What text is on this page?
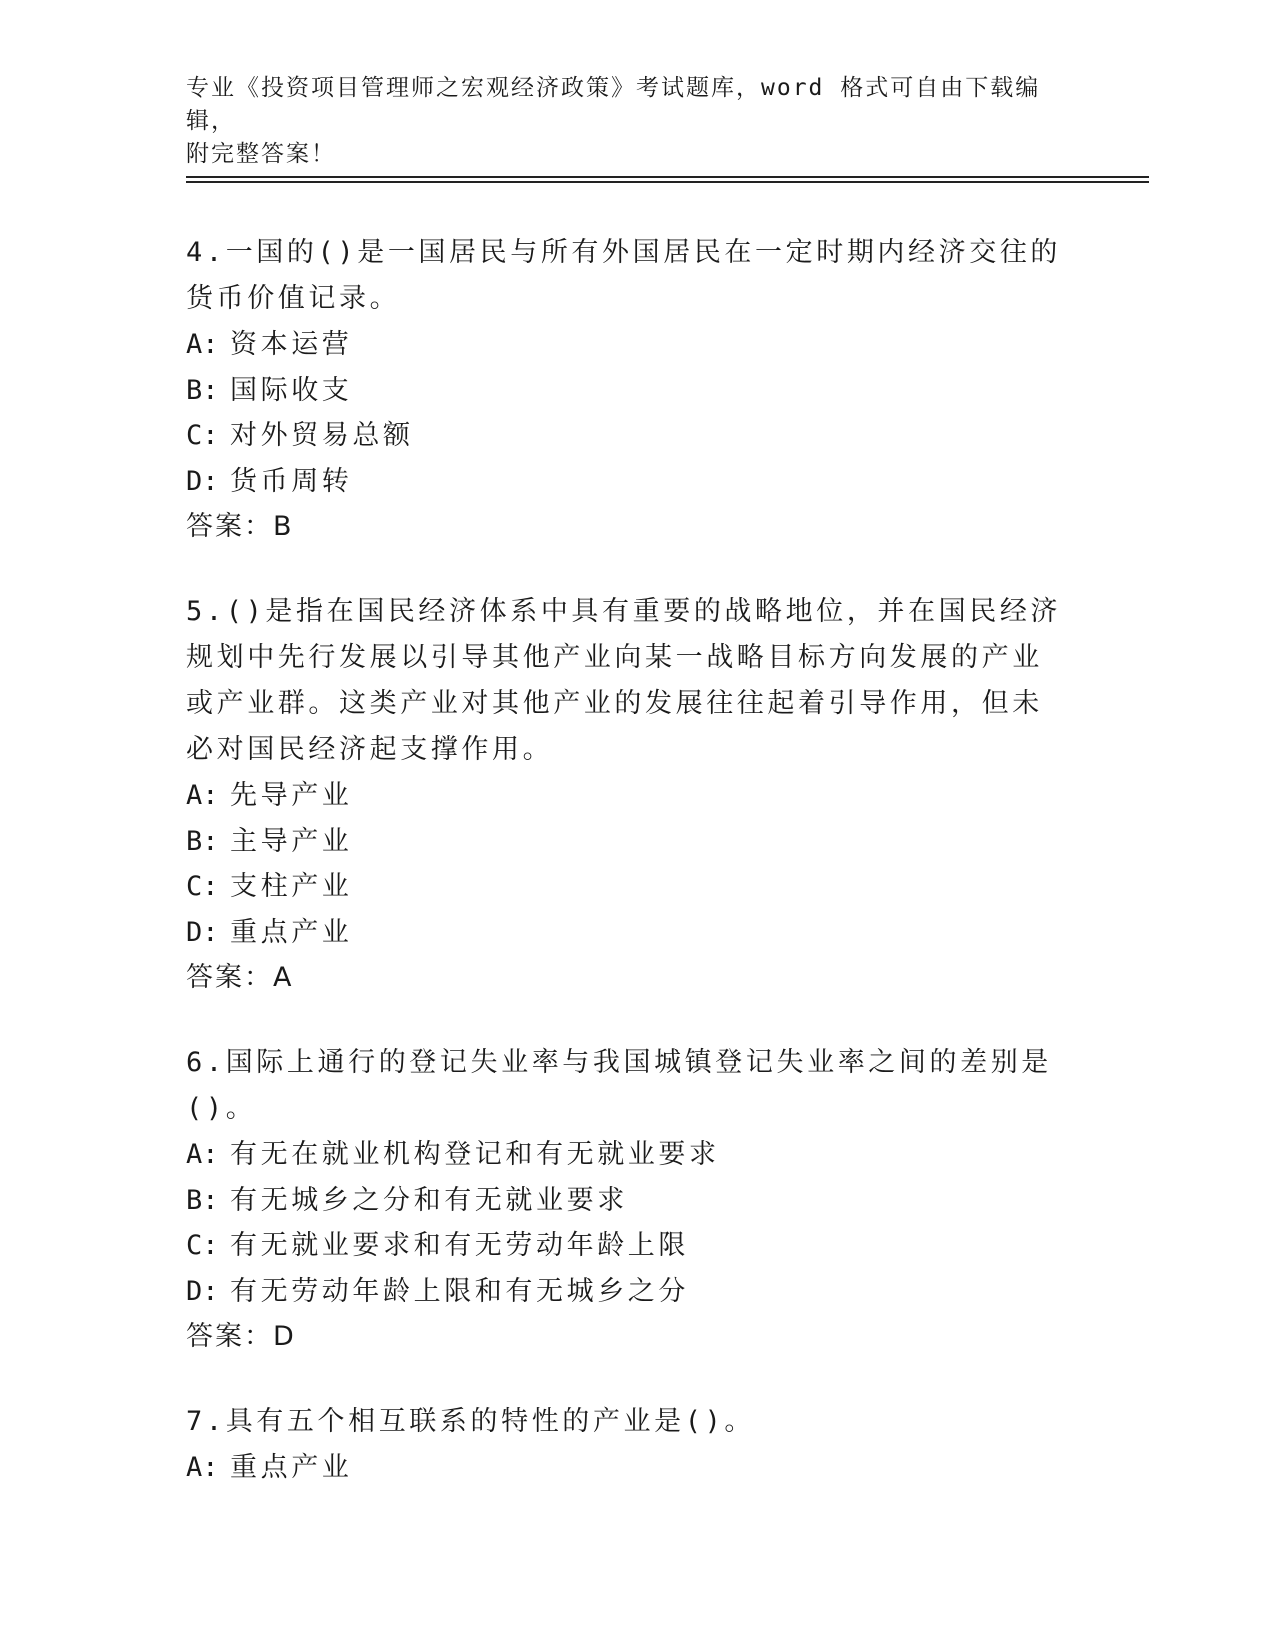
专业《投资项目管理师之宏观经济政策》考试题库，word 格式可自由下载编辑，
附完整答案！
4.一国的()是一国居民与所有外国居民在一定时期内经济交往的货币价值记录。
A: 资本运营
B: 国际收支
C: 对外贸易总额
D: 货币周转
答案：B
5.()是指在国民经济体系中具有重要的战略地位，并在国民经济规划中先行发展以引导其他产业向某一战略目标方向发展的产业或产业群。这类产业对其他产业的发展往往起着引导作用，但未必对国民经济起支撑作用。
A: 先导产业
B: 主导产业
C: 支柱产业
D: 重点产业
答案：A
6.国际上通行的登记失业率与我国城镇登记失业率之间的差别是()。
A: 有无在就业机构登记和有无就业要求
B: 有无城乡之分和有无就业要求
C: 有无就业要求和有无劳动年龄上限
D: 有无劳动年龄上限和有无城乡之分
答案：D
7.具有五个相互联系的特性的产业是()。
A: 重点产业
